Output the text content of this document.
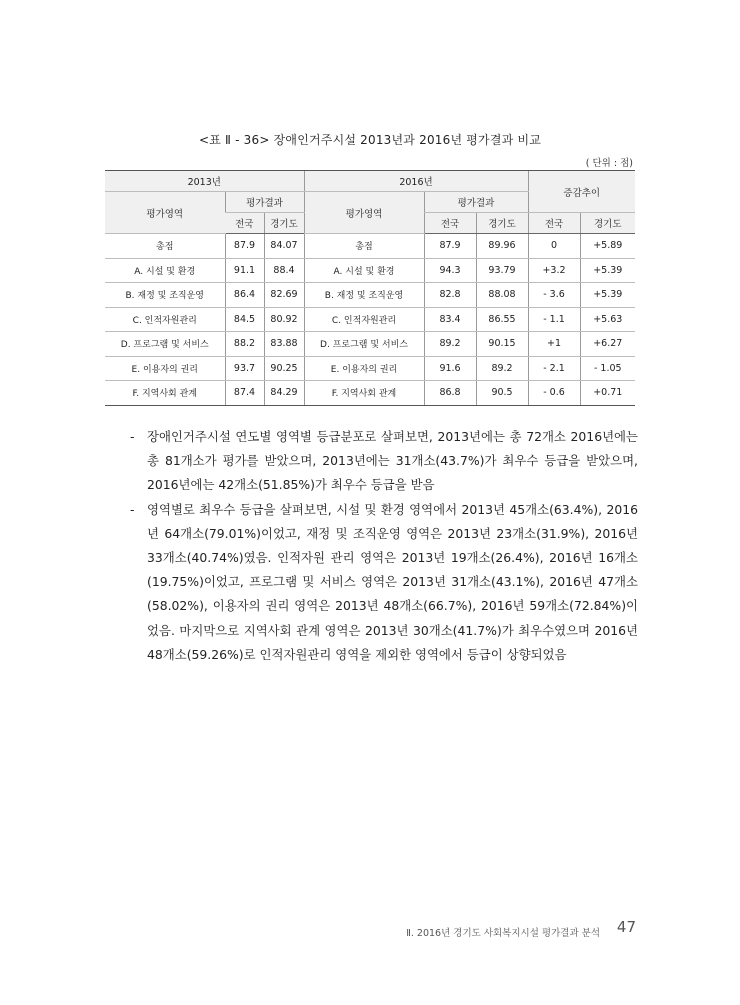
<표 Ⅱ - 36> 장애인거주시설 2013년과 2016년 평가결과 비교
( 단위 : 점)
2013년			2016년			증감추이	
평가영역	평가결과		평가영역	평가결과			
	전국	경기도		전국	경기도	전국	경기도
총점	87.9	84.07	총점	87.9	89.96	0	+5.89
A. 시설 및 환경	91.1	88.4	A. 시설 및 환경	94.3	93.79	+3.2	+5.39
B. 재정 및 조직운영	86.4	82.69	B. 재정 및 조직운영	82.8	88.08	- 3.6	+5.39
C. 인적자원관리	84.5	80.92	C. 인적자원관리	83.4	86.55	- 1.1	+5.63
D. 프로그램 및 서비스	88.2	83.88	D. 프로그램 및 서비스	89.2	90.15	+1	+6.27
E. 이용자의 권리	93.7	90.25	E. 이용자의 권리	91.6	89.2	- 2.1	- 1.05
F. 지역사회 관계	87.4	84.29	F. 지역사회 관계	86.8	90.5	- 0.6	+0.71
- 장애인거주시설 연도별 영역별 등급분포로 살펴보면, 2013년에는 총 72개소 2016년에는 총 81개소가 평가를 받았으며, 2013년에는 31개소(43.7%)가 최우수 등급을 받았으며, 2016년에는 42개소(51.85%)가 최우수 등급을 받음
- 영역별로 최우수 등급을 살펴보면, 시설 및 환경 영역에서 2013년 45개소(63.4%), 2016년 64개소(79.01%)이었고, 재정 및 조직운영 영역은 2013년 23개소(31.9%), 2016년 33개소(40.74%)였음. 인적자원 관리 영역은 2013년 19개소(26.4%), 2016년 16개소(19.75%)이었고, 프로그램 및 서비스 영역은 2013년 31개소(43.1%), 2016년 47개소(58.02%), 이용자의 권리 영역은 2013년 48개소(66.7%), 2016년 59개소(72.84%)이었음. 마지막으로 지역사회 관계 영역은 2013년 30개소(41.7%)가 최우수였으며 2016년 48개소(59.26%)로 인적자원관리 영역을 제외한 영역에서 등급이 상향되었음
Ⅱ. 2016년 경기도 사회복지시설 평가결과 분석	47
